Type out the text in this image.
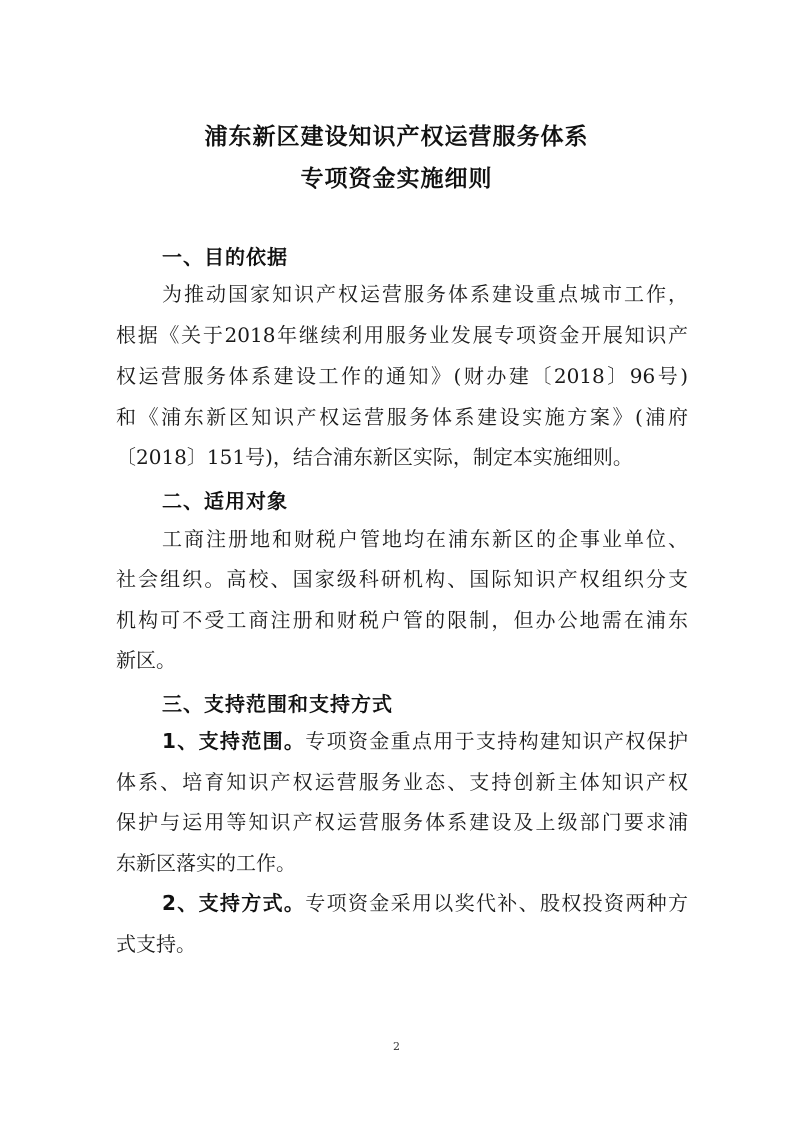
浦东新区建设知识产权运营服务体系
专项资金实施细则
一、目的依据
为推动国家知识产权运营服务体系建设重点城市工作，
根据《关于2018年继续利用服务业发展专项资金开展知识产
权运营服务体系建设工作的通知》(财办建〔2018〕96号)
和《浦东新区知识产权运营服务体系建设实施方案》(浦府
〔2018〕151号)，结合浦东新区实际，制定本实施细则。
二、适用对象
工商注册地和财税户管地均在浦东新区的企事业单位、
社会组织。高校、国家级科研机构、国际知识产权组织分支
机构可不受工商注册和财税户管的限制，但办公地需在浦东
新区。
三、支持范围和支持方式
1、支持范围。专项资金重点用于支持构建知识产权保护
体系、培育知识产权运营服务业态、支持创新主体知识产权
保护与运用等知识产权运营服务体系建设及上级部门要求浦
东新区落实的工作。
2、支持方式。专项资金采用以奖代补、股权投资两种方
式支持。
2
